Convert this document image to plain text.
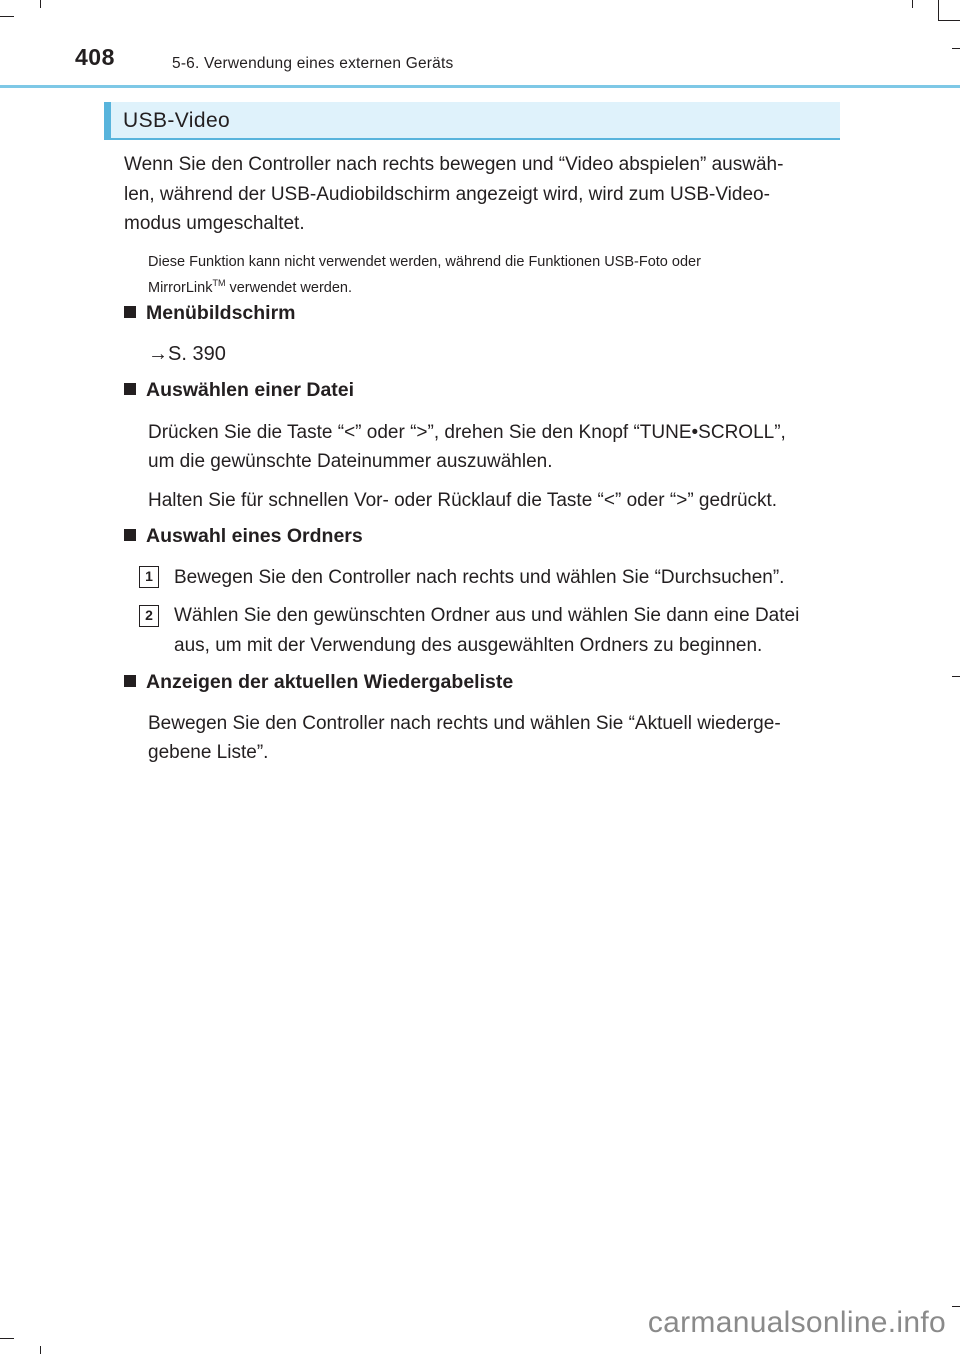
408	5-6. Verwendung eines externen Geräts
USB-Video
Wenn Sie den Controller nach rechts bewegen und “Video abspielen” auswäh-
len, während der USB-Audiobildschirm angezeigt wird, wird zum USB-Video-
modus umgeschaltet.
Diese Funktion kann nicht verwendet werden, während die Funktionen USB-Foto oder
MirrorLink™ verwendet werden.
Menübildschirm
→S. 390
Auswählen einer Datei
Drücken Sie die Taste “<” oder “>”, drehen Sie den Knopf “TUNE•SCROLL”,
um die gewünschte Dateinummer auszuwählen.
Halten Sie für schnellen Vor- oder Rücklauf die Taste “<” oder “>” gedrückt.
Auswahl eines Ordners
1	Bewegen Sie den Controller nach rechts und wählen Sie “Durchsuchen”.
2	Wählen Sie den gewünschten Ordner aus und wählen Sie dann eine Datei
aus, um mit der Verwendung des ausgewählten Ordners zu beginnen.
Anzeigen der aktuellen Wiedergabeliste
Bewegen Sie den Controller nach rechts und wählen Sie “Aktuell wiederge-
gebene Liste”.
carmanualsonline.info
